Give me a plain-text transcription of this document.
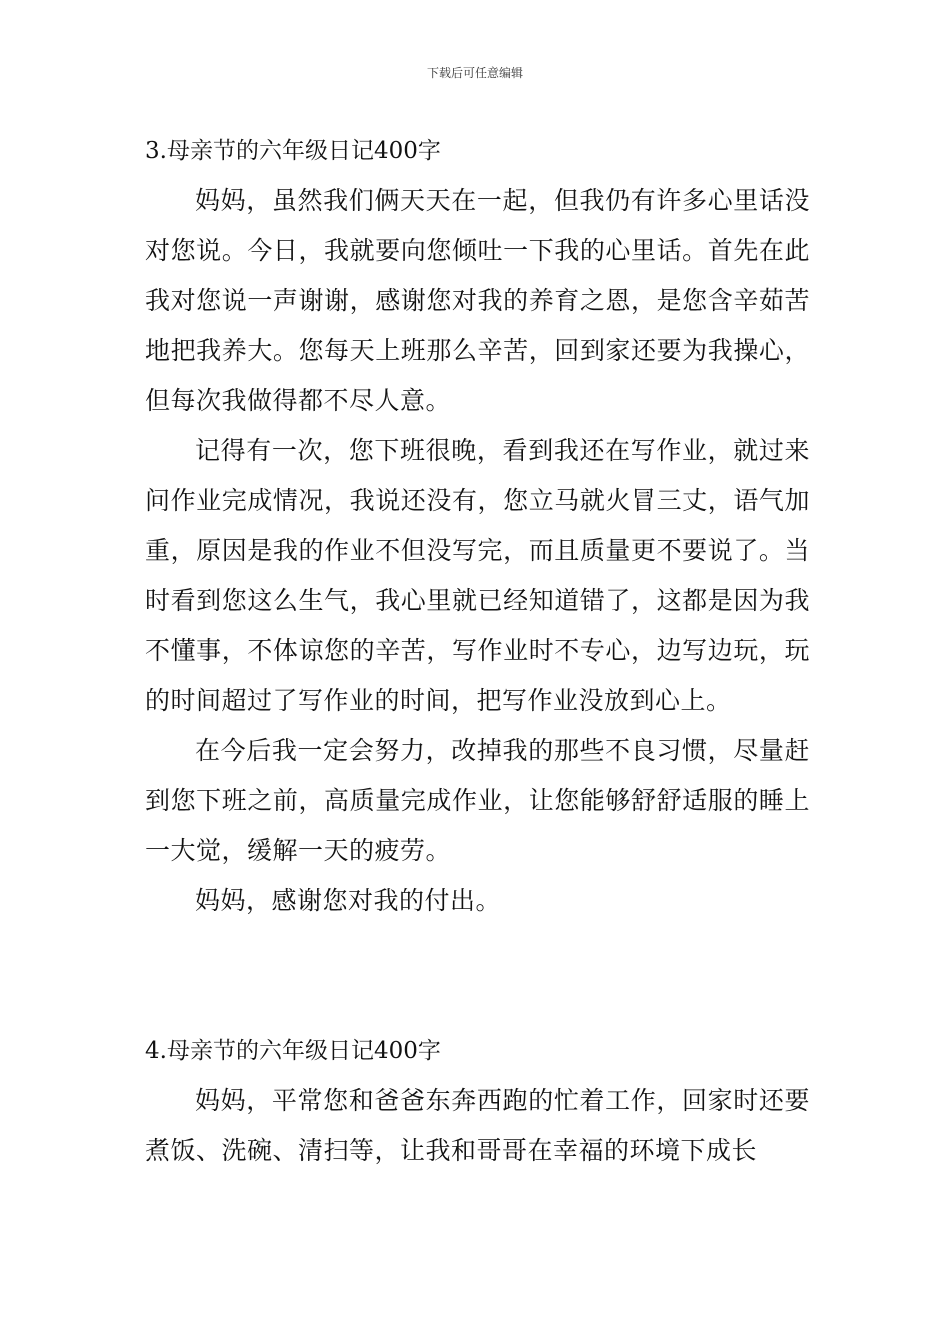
下载后可任意编辑
3.母亲节的六年级日记400字

妈妈，虽然我们俩天天在一起，但我仍有许多心里话没对您说。今日，我就要向您倾吐一下我的心里话。首先在此我对您说一声谢谢，感谢您对我的养育之恩，是您含辛茹苦地把我养大。您每天上班那么辛苦，回到家还要为我操心，但每次我做得都不尽人意。

记得有一次，您下班很晚，看到我还在写作业，就过来问作业完成情况，我说还没有，您立马就火冒三丈，语气加重，原因是我的作业不但没写完，而且质量更不要说了。当时看到您这么生气，我心里就已经知道错了，这都是因为我不懂事，不体谅您的辛苦，写作业时不专心，边写边玩，玩的时间超过了写作业的时间，把写作业没放到心上。

在今后我一定会努力，改掉我的那些不良习惯，尽量赶到您下班之前，高质量完成作业，让您能够舒舒适服的睡上一大觉，缓解一天的疲劳。

妈妈，感谢您对我的付出。

4.母亲节的六年级日记400字

妈妈，平常您和爸爸东奔西跑的忙着工作，回家时还要煮饭、洗碗、清扫等，让我和哥哥在幸福的环境下成长
